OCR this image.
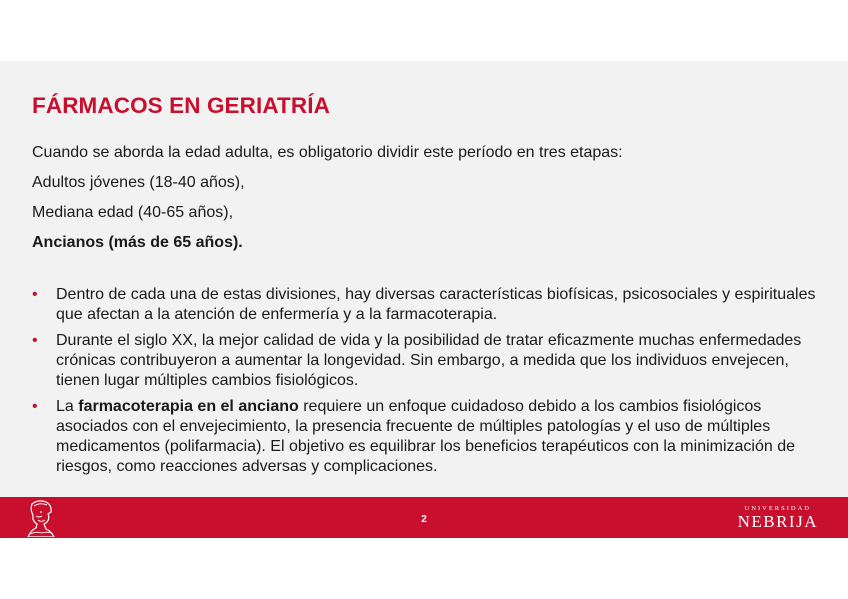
FÁRMACOS EN GERIATRÍA
Cuando se aborda la edad adulta, es obligatorio dividir este período en tres etapas:
Adultos jóvenes (18-40 años),
Mediana edad (40-65 años),
Ancianos (más de 65 años).
• Dentro de cada una de estas divisiones, hay diversas características biofísicas, psicosociales y espirituales que afectan a la atención de enfermería y a la farmacoterapia.
• Durante el siglo XX, la mejor calidad de vida y la posibilidad de tratar eficazmente muchas enfermedades crónicas contribuyeron a aumentar la longevidad. Sin embargo, a medida que los individuos envejecen, tienen lugar múltiples cambios fisiológicos.
• La farmacoterapia en el anciano requiere un enfoque cuidadoso debido a los cambios fisiológicos asociados con el envejecimiento, la presencia frecuente de múltiples patologías y el uso de múltiples medicamentos (polifarmacia). El objetivo es equilibrar los beneficios terapéuticos con la minimización de riesgos, como reacciones adversas y complicaciones.
2
UNIVERSIDAD
NEBRIJA
